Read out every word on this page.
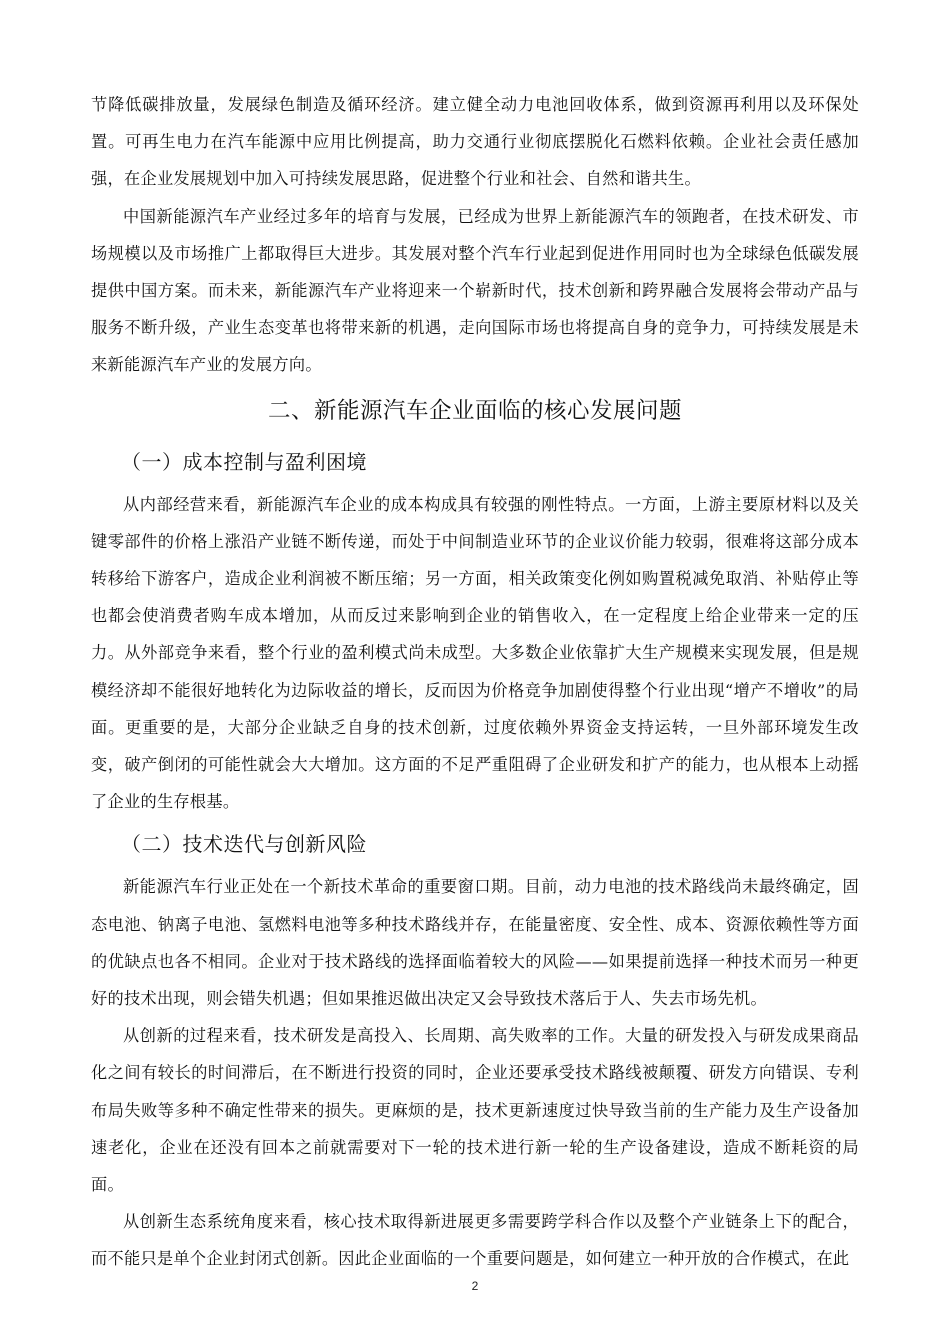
节降低碳排放量，发展绿色制造及循环经济。建立健全动力电池回收体系，做到资源再利用以及环保处置。可再生电力在汽车能源中应用比例提高，助力交通行业彻底摆脱化石燃料依赖。企业社会责任感加强，在企业发展规划中加入可持续发展思路，促进整个行业和社会、自然和谐共生。

中国新能源汽车产业经过多年的培育与发展，已经成为世界上新能源汽车的领跑者，在技术研发、市场规模以及市场推广上都取得巨大进步。其发展对整个汽车行业起到促进作用同时也为全球绿色低碳发展提供中国方案。而未来，新能源汽车产业将迎来一个崭新时代，技术创新和跨界融合发展将会带动产品与服务不断升级，产业生态变革也将带来新的机遇，走向国际市场也将提高自身的竞争力，可持续发展是未来新能源汽车产业的发展方向。

二、新能源汽车企业面临的核心发展问题
（一）成本控制与盈利困境

从内部经营来看，新能源汽车企业的成本构成具有较强的刚性特点。一方面，上游主要原材料以及关键零部件的价格上涨沿产业链不断传递，而处于中间制造业环节的企业议价能力较弱，很难将这部分成本转移给下游客户，造成企业利润被不断压缩；另一方面，相关政策变化例如购置税减免取消、补贴停止等也都会使消费者购车成本增加，从而反过来影响到企业的销售收入，在一定程度上给企业带来一定的压力。从外部竞争来看，整个行业的盈利模式尚未成型。大多数企业依靠扩大生产规模来实现发展，但是规模经济却不能很好地转化为边际收益的增长，反而因为价格竞争加剧使得整个行业出现“增产不增收”的局面。更重要的是，大部分企业缺乏自身的技术创新，过度依赖外界资金支持运转，一旦外部环境发生改变，破产倒闭的可能性就会大大增加。这方面的不足严重阻碍了企业研发和扩产的能力，也从根本上动摇了企业的生存根基。

（二）技术迭代与创新风险

新能源汽车行业正处在一个新技术革命的重要窗口期。目前，动力电池的技术路线尚未最终确定，固态电池、钠离子电池、氢燃料电池等多种技术路线并存，在能量密度、安全性、成本、资源依赖性等方面的优缺点也各不相同。企业对于技术路线的选择面临着较大的风险——如果提前选择一种技术而另一种更好的技术出现，则会错失机遇；但如果推迟做出决定又会导致技术落后于人、失去市场先机。

从创新的过程来看，技术研发是高投入、长周期、高失败率的工作。大量的研发投入与研发成果商品化之间有较长的时间滞后，在不断进行投资的同时，企业还要承受技术路线被颠覆、研发方向错误、专利布局失败等多种不确定性带来的损失。更麻烦的是，技术更新速度过快导致当前的生产能力及生产设备加速老化，企业在还没有回本之前就需要对下一轮的技术进行新一轮的生产设备建设，造成不断耗资的局面。

从创新生态系统角度来看，核心技术取得新进展更多需要跨学科合作以及整个产业链条上下的配合，而不能只是单个企业封闭式创新。因此企业面临的一个重要问题是，如何建立一种开放的合作模式，在此

2
